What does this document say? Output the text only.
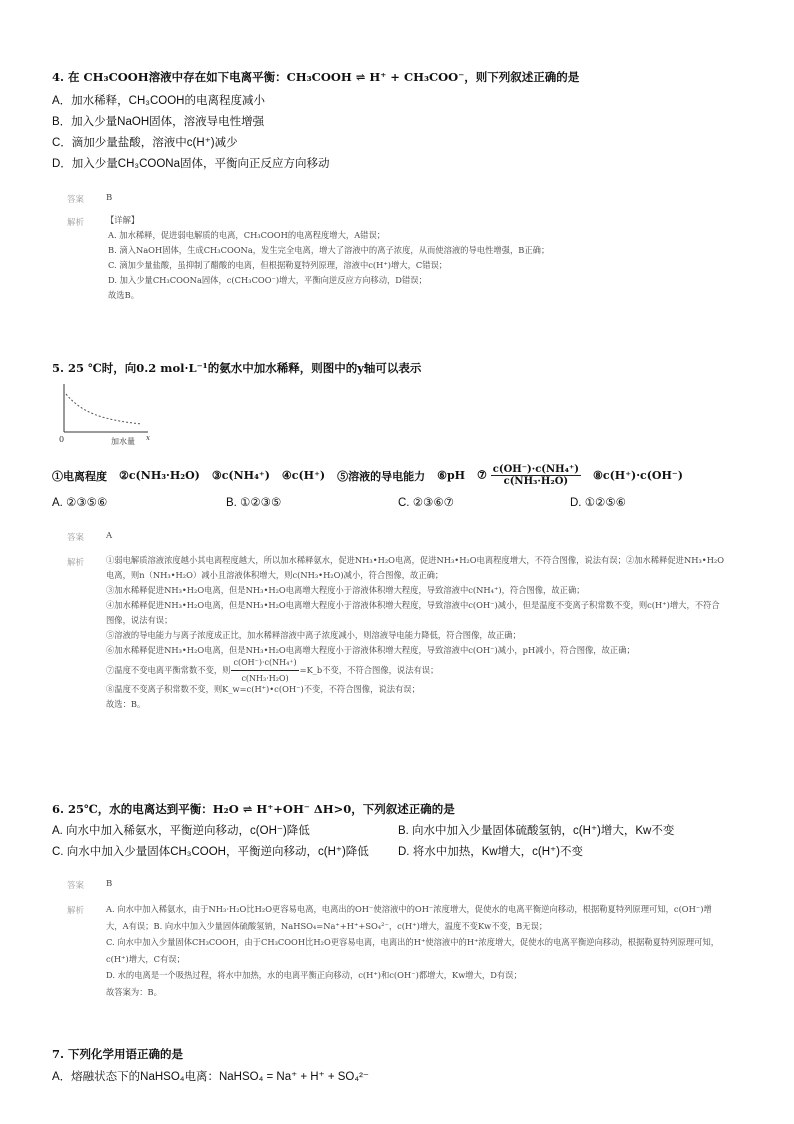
4. 在 CH₃COOH溶液中存在如下电离平衡：CH₃COOH ⇌ H⁺ + CH₃COO⁻，则下列叙述正确的是
A．加水稀释，CH₃COOH的电离程度减小
B．加入少量NaOH固体，溶液导电性增强
C．滴加少量盐酸，溶液中c(H⁺)减少
D．加入少量CH₃COONa固体，平衡向正反应方向移动
答案	B
解析	【详解】
A. 加水稀释，促进弱电解质的电离，CH₃COOH的电离程度增大，A错误；
B. 滴入NaOH固体，生成CH₃COONa，发生完全电离，增大了溶液中的离子浓度，从而使溶液的导电性增强，B正确；
C. 滴加少量盐酸，虽抑制了醋酸的电离，但根据勒夏特列原理，溶液中c(H⁺)增大，C错误；
D. 加入少量CH₃COONa固体，c(CH₃COO⁻)增大，平衡向逆反应方向移动，D错误；
故选B。
5. 25 ℃时，向0.2 mol·L⁻¹的氨水中加水稀释，则图中的y轴可以表示
0	加水量 x
①电离程度 ②c(NH₃·H₂O) ③c(NH₄⁺) ④c(H⁺) ⑤溶液的导电能力 ⑥pH ⑦ $\frac{\text{c(OH⁻)·c(NH₄⁺)}}{\text{c(NH₃·H₂O)}}$ ⑧c(H⁺)·c(OH⁻)
A. ②③⑤⑥	B. ①②③⑤	C. ②③⑥⑦	D. ①②⑤⑥
答案	A
解析	①弱电解质溶液浓度越小其电离程度越大，所以加水稀释氨水，促进NH₃•H₂O电离，促进NH₃•H₂O电离程度增大，不符合图像，说法有误；②加水稀释促进NH₃•H₂O电离，则n（NH₃•H₂O）减小且溶液体积增大，则c(NH₃•H₂O)减小，符合图像，故正确；
③加水稀释促进NH₃•H₂O电离，但是NH₃•H₂O电离增大程度小于溶液体积增大程度，导致溶液中c(NH₄⁺)，符合图像，故正确；
④加水稀释促进NH₃•H₂O电离，但是NH₃•H₂O电离增大程度小于溶液体积增大程度，导致溶液中c(OH⁻)减小，但是温度不变离子积常数不变，则c(H⁺)增大，不符合图像，说法有误；
⑤溶液的导电能力与离子浓度成正比，加水稀释溶液中离子浓度减小，则溶液导电能力降低，符合图像，故正确；
⑥加水稀释促进NH₃•H₂O电离，但是NH₃•H₂O电离增大程度小于溶液体积增大程度，导致溶液中c(OH⁻)减小，pH减小，符合图像，故正确；
⑦温度不变电离平衡常数不变，则 $\frac{\text{c(OH⁻)·c(NH₄⁺)}}{\text{c(NH₃·H₂O)}}$ =K_b不变，不符合图像，说法有误；
⑧温度不变离子积常数不变，则K_w=c(H⁺)•c(OH⁻)不变，不符合图像，说法有误；
故选：B。
6. 25℃，水的电离达到平衡：H₂O ⇌ H⁺+OH⁻ ΔH>0，下列叙述正确的是
A. 向水中加入稀氨水，平衡逆向移动，c(OH⁻)降低	B. 向水中加入少量固体硫酸氢钠，c(H⁺)增大，Kw不变
C. 向水中加入少量固体CH₃COOH，平衡逆向移动，c(H⁺)降低	D. 将水中加热，Kw增大，c(H⁺)不变
答案	B
解析	A. 向水中加入稀氨水，由于NH₃·H₂O比H₂O更容易电离，电离出的OH⁻使溶液中的OH⁻浓度增大，促使水的电离平衡逆向移动，根据勒夏特列原理可知，c(OH⁻)增大，A有误；B. 向水中加入少量固体硫酸氢钠，NaHSO₄=Na⁺+H⁺+SO₄²⁻，c(H⁺)增大，温度不变Kw不变，B无误；
C. 向水中加入少量固体CH₃COOH，由于CH₃COOH比H₂O更容易电离，电离出的H⁺使溶液中的H⁺浓度增大，促使水的电离平衡逆向移动，根据勒夏特列原理可知，c(H⁺)增大，C有误；
D. 水的电离是一个吸热过程，将水中加热，水的电离平衡正向移动，c(H⁺)和c(OH⁻)都增大，Kw增大，D有误；
故答案为：B。
7. 下列化学用语正确的是
A．熔融状态下的NaHSO₄电离：NaHSO₄ = Na⁺ + H⁺ + SO₄²⁻
